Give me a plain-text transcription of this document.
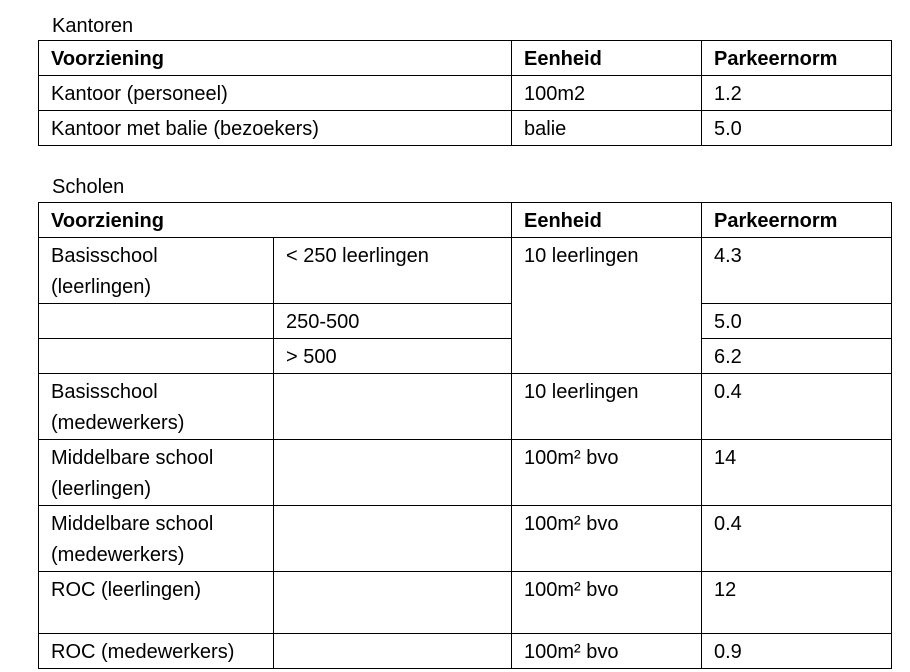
Kantoren
Voorziening	Eenheid	Parkeernorm
Kantoor (personeel)	100m2	1.2
Kantoor met balie (bezoekers)	balie	5.0
Scholen
Voorziening		Eenheid	Parkeernorm

Basisschool
(leerlingen)	< 250 leerlingen	10 leerlingen	4.3
	250-500		5.0
	> 500		6.2

Basisschool
(medewerkers)		10 leerlingen	0.4

Middelbare school
(leerlingen)		100m² bvo	14

Middelbare school
(medewerkers)		100m² bvo	0.4
ROC (leerlingen)		100m² bvo	12
ROC (medewerkers)		100m² bvo	0.9
